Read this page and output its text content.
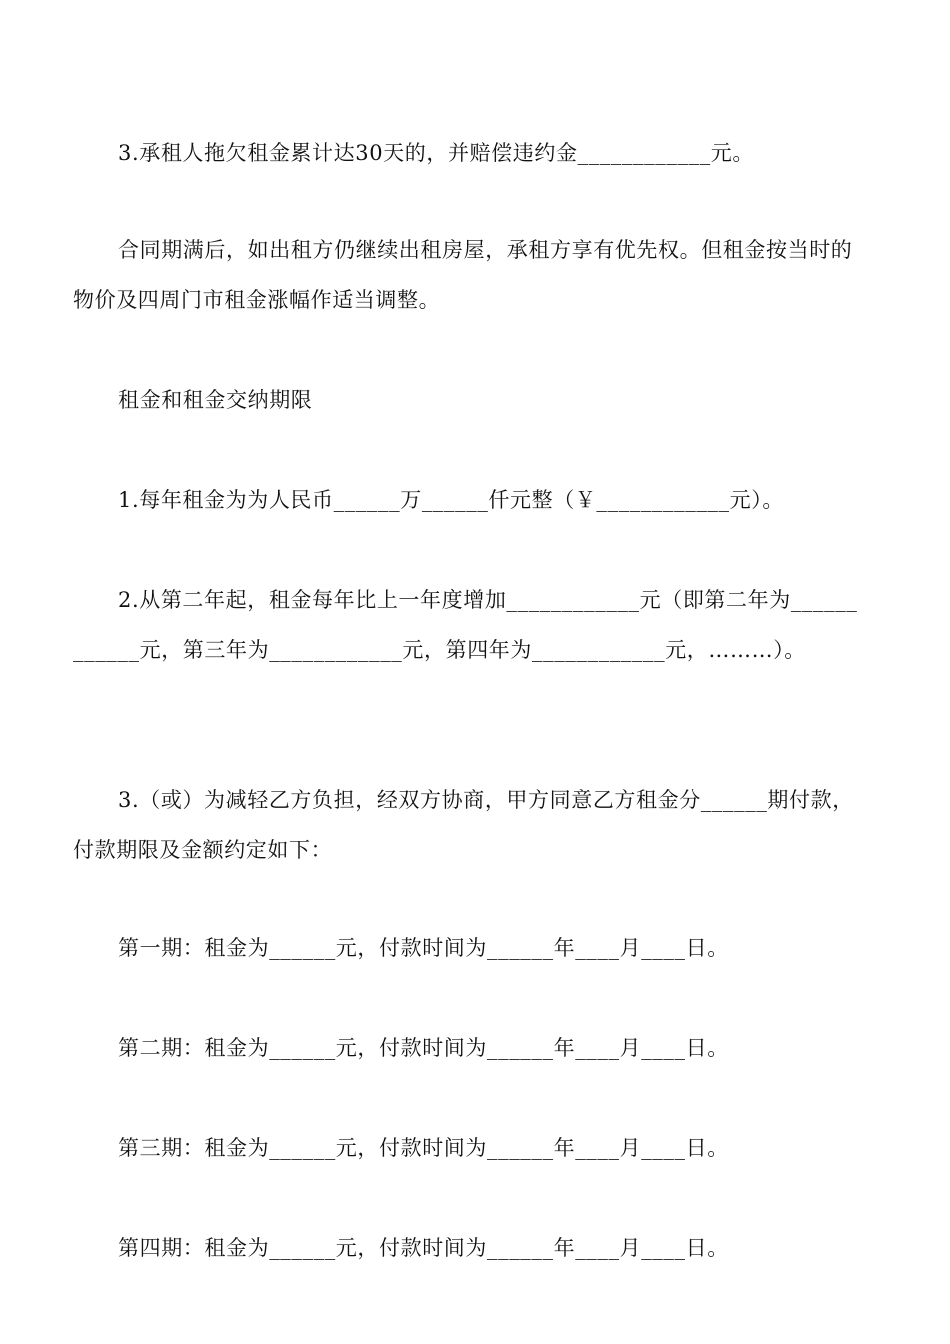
3.承租人拖欠租金累计达30天的，并赔偿违约金____________元。
合同期满后，如出租方仍继续出租房屋，承租方享有优先权。但租金按当时的
物价及四周门市租金涨幅作适当调整。
租金和租金交纳期限
1.每年租金为为人民币______万______仟元整（￥____________元）。
2.从第二年起，租金每年比上一年度增加____________元（即第二年为______
______元，第三年为____________元，第四年为____________元，………）。
3.（或）为减轻乙方负担，经双方协商，甲方同意乙方租金分______期付款，
付款期限及金额约定如下：
第一期：租金为______元，付款时间为______年____月____日。
第二期：租金为______元，付款时间为______年____月____日。
第三期：租金为______元，付款时间为______年____月____日。
第四期：租金为______元，付款时间为______年____月____日。
